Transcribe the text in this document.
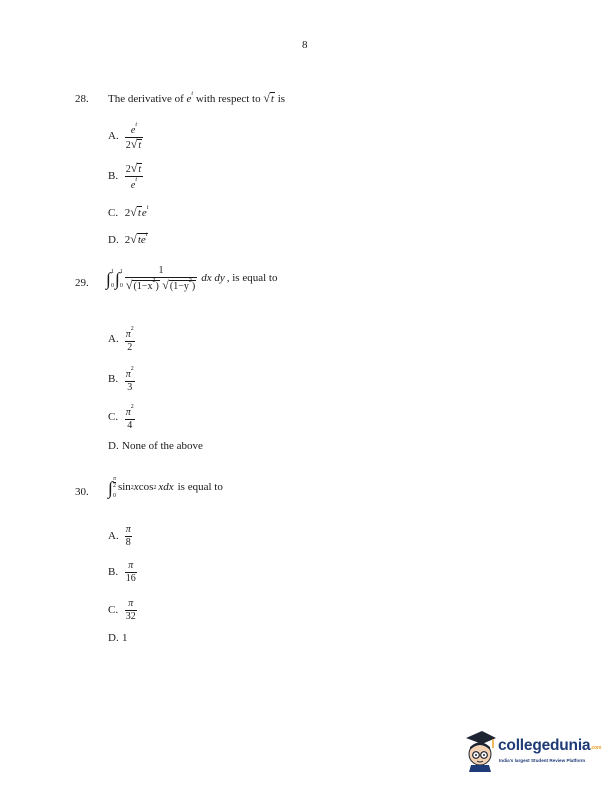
8
28. The derivative of $e^t$ with respect to √t is
A. $\frac{e^t}{2√t}$
B. $\frac{2√t}{e^t}$
C. $2√te^t$
D. $2√te^t$
29. ∫ 1
0 ∫ 1
$0 \frac{1}{√(1-x^2) √(1-y^2)}$ dx dy , is equal to
A. $\frac{\pi^2}{2}$
B. $\frac{\pi^2}{3}$
C. $\frac{\pi^2}{4}$
D. None of the above
30. ∫ π
2
0
sin 2 x cos 2 xdx is equal to
A. $\frac{\pi}{8}$
B. $\frac{\pi}{16}$
C. $\frac{\pi}{32}$
D. 1
collegedunia.com
India's largest Student Review Platform
